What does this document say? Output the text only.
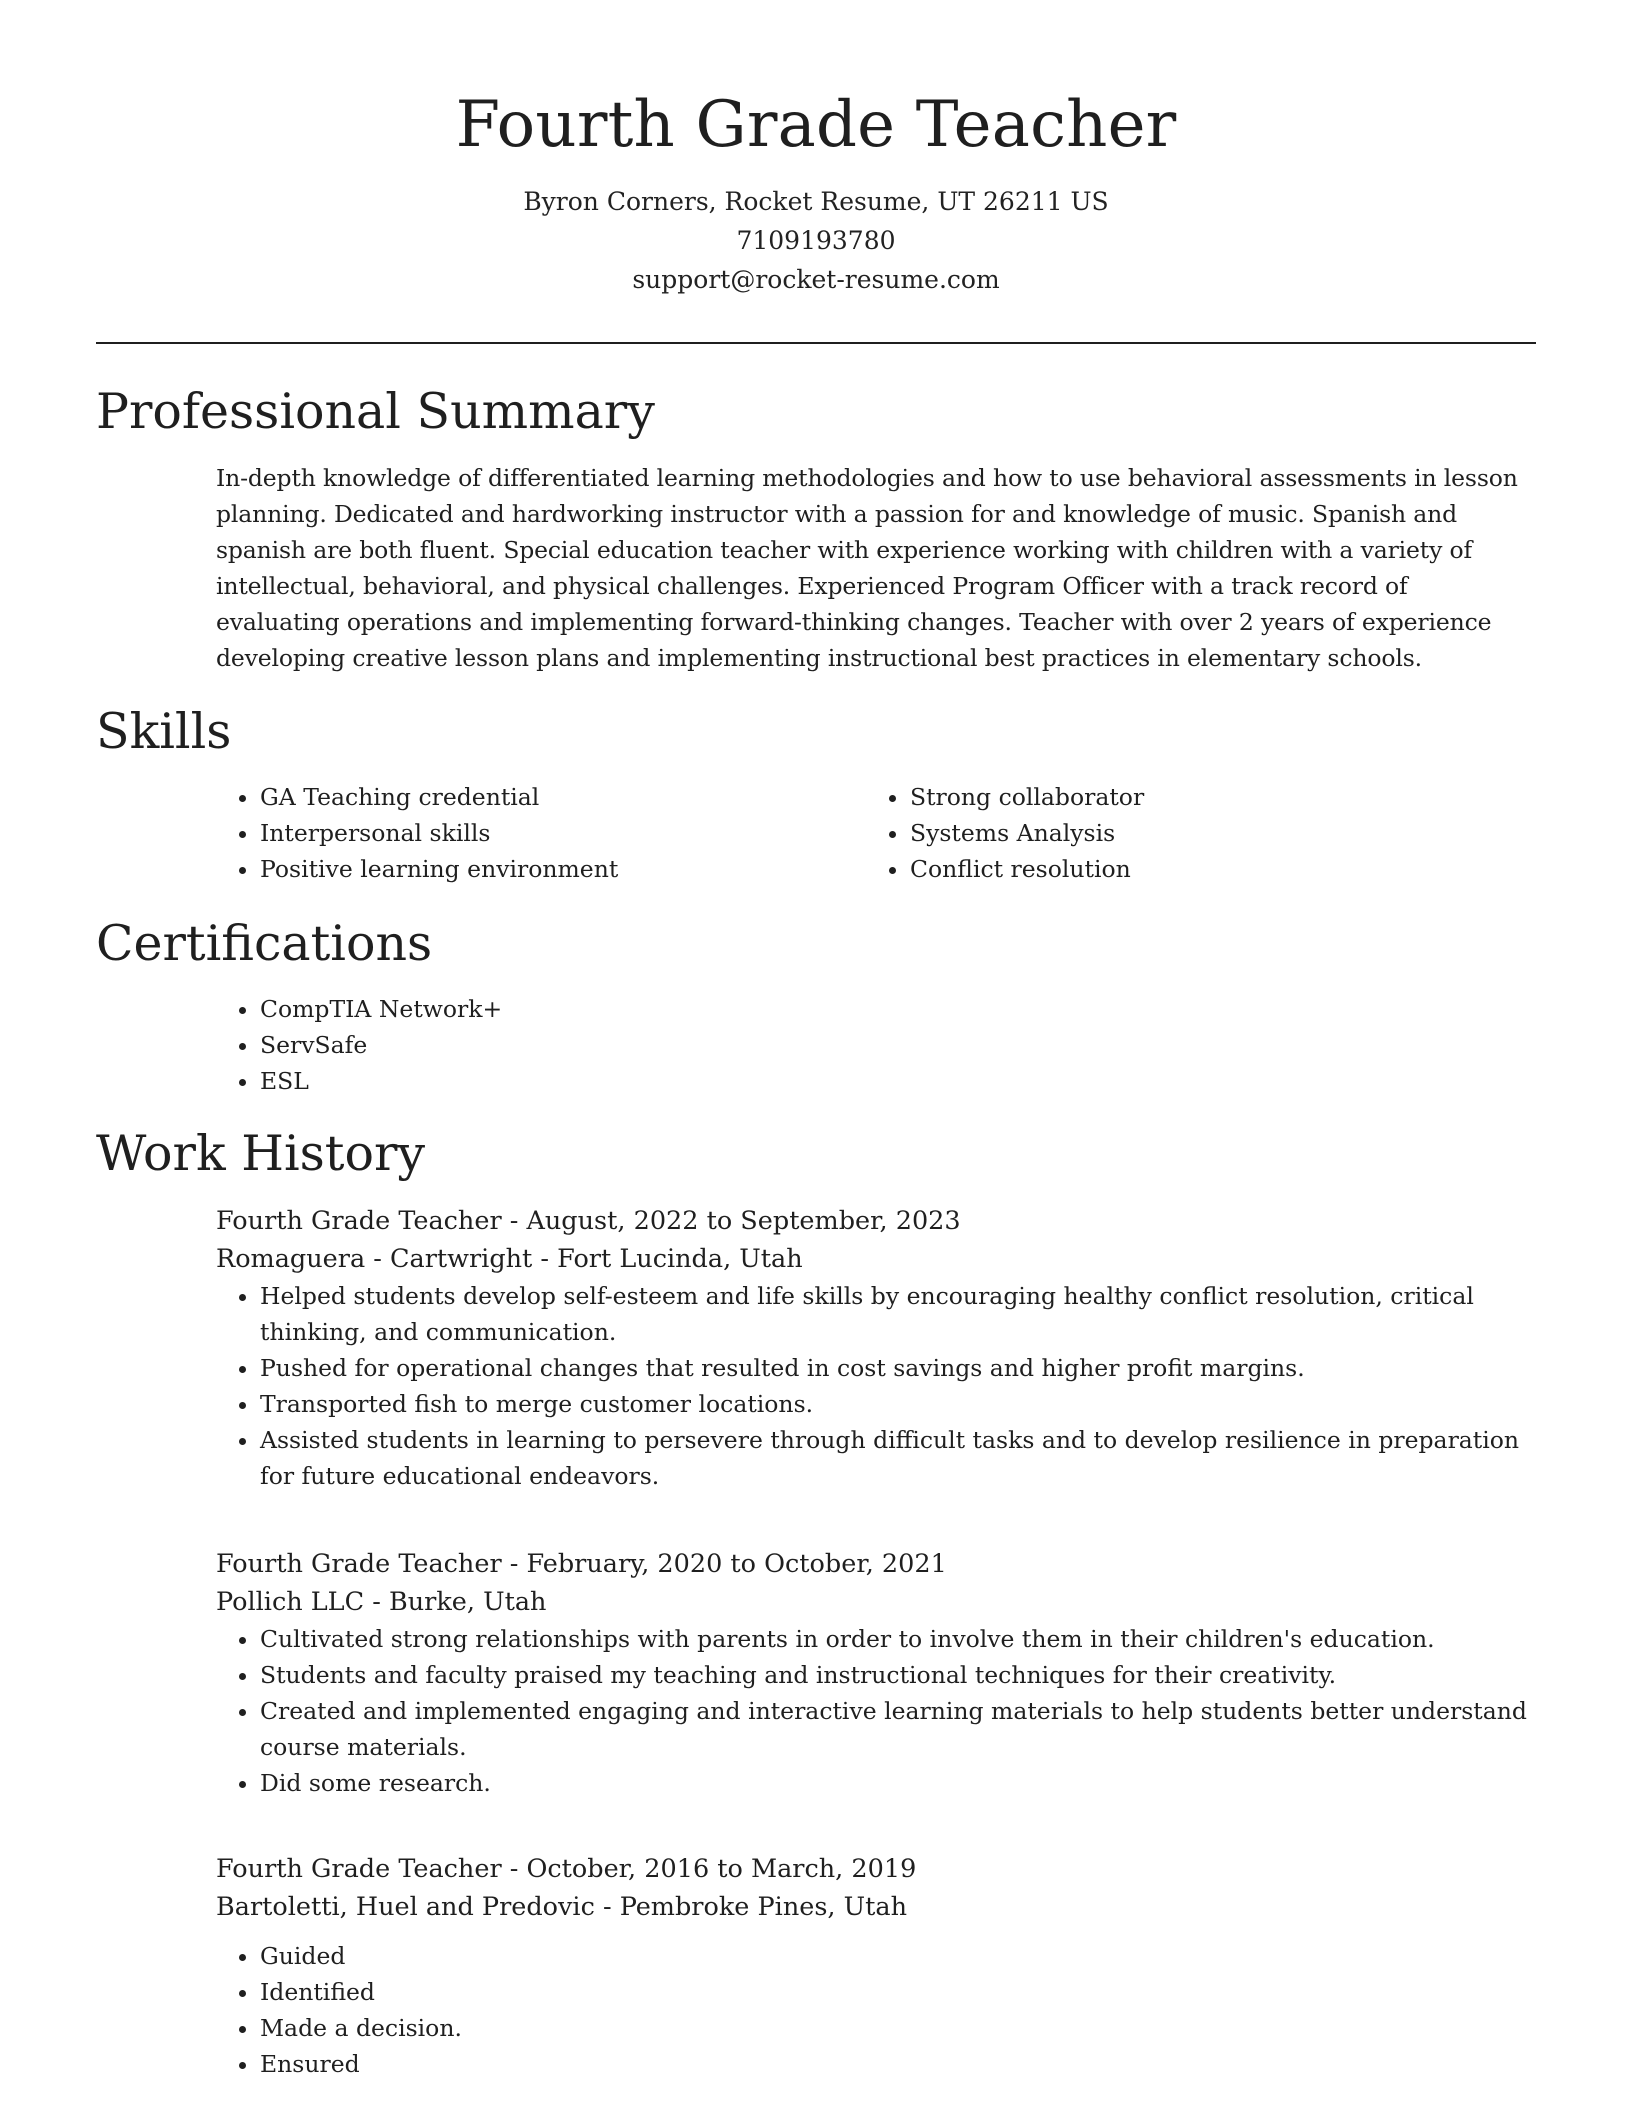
Fourth Grade Teacher
Byron Corners, Rocket Resume, UT 26211 US
7109193780
support@rocket-resume.com
Professional Summary

In-depth knowledge of differentiated learning methodologies and how to use behavioral assessments in lesson planning. Dedicated and hardworking instructor with a passion for and knowledge of music. Spanish and spanish are both fluent. Special education teacher with experience working with children with a variety of intellectual, behavioral, and physical challenges. Experienced Program Officer with a track record of evaluating operations and implementing forward-thinking changes. Teacher with over 2 years of experience developing creative lesson plans and implementing instructional best practices in elementary schools.

Skills
• GA Teaching credential
• Interpersonal skills
• Positive learning environment
• Strong collaborator
• Systems Analysis
• Conflict resolution
Certifications
• CompTIA Network+
• ServSafe
• ESL
Work History
Fourth Grade Teacher - August, 2022 to September, 2023
Romaguera - Cartwright - Fort Lucinda, Utah
• Helped students develop self-esteem and life skills by encouraging healthy conflict resolution, critical thinking, and communication.
• Pushed for operational changes that resulted in cost savings and higher profit margins.
• Transported fish to merge customer locations.
• Assisted students in learning to persevere through difficult tasks and to develop resilience in preparation for future educational endeavors.
Fourth Grade Teacher - February, 2020 to October, 2021
Pollich LLC - Burke, Utah
• Cultivated strong relationships with parents in order to involve them in their children's education.
• Students and faculty praised my teaching and instructional techniques for their creativity.
• Created and implemented engaging and interactive learning materials to help students better understand course materials.
• Did some research.
Fourth Grade Teacher - October, 2016 to March, 2019
Bartoletti, Huel and Predovic - Pembroke Pines, Utah
• Guided
• Identified
• Made a decision.
• Ensured
